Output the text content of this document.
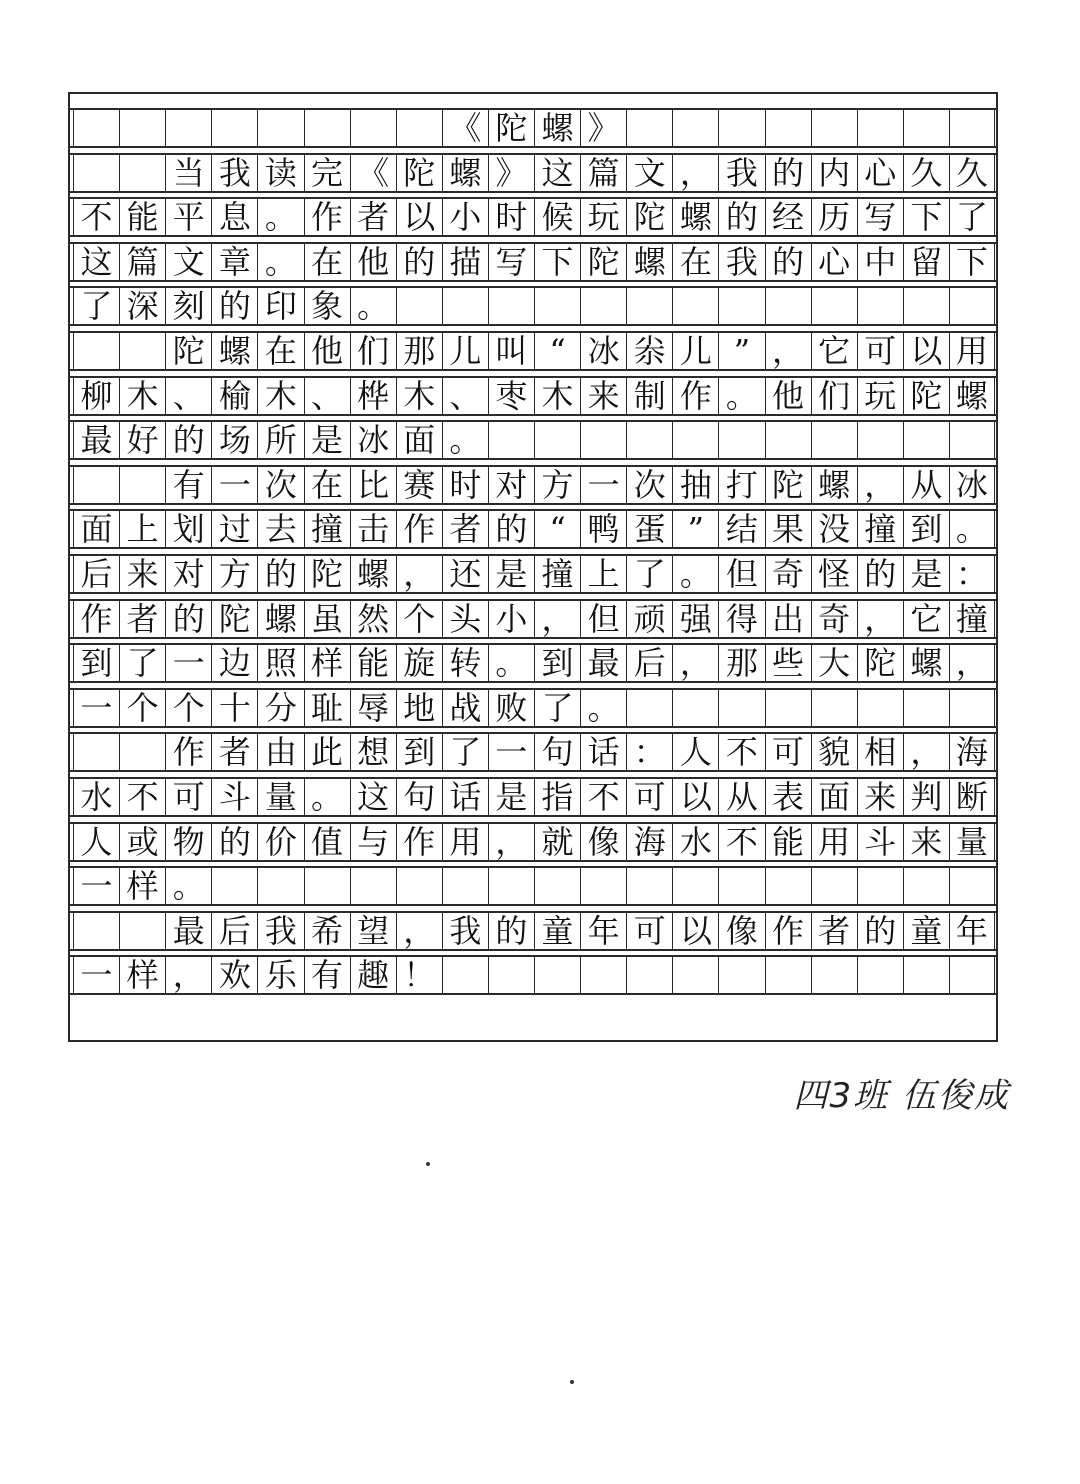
《 陀 螺 》
当 我 读 完 《 陀 螺 》 这 篇 文 ， 我 的 内 心 久 久
不 能 平 息 。 作 者 以 小 时 候 玩 陀 螺 的 经 历 写 下 了
这 篇 文 章 。 在 他 的 描 写 下 陀 螺 在 我 的 心 中 留 下
了 深 刻 的 印 象 。
陀 螺 在 他 们 那 儿 叫 “ 冰 尜 儿 ” ， 它 可 以 用
柳 木 、 榆 木 、 桦 木 、 枣 木 来 制 作 。 他 们 玩 陀 螺
最 好 的 场 所 是 冰 面 。
有 一 次 在 比 赛 时 对 方 一 次 抽 打 陀 螺 ， 从 冰
面 上 划 过 去 撞 击 作 者 的 “ 鸭 蛋 ” 结 果 没 撞 到 。
后 来 对 方 的 陀 螺 ， 还 是 撞 上 了 。 但 奇 怪 的 是 ：
作 者 的 陀 螺 虽 然 个 头 小 ， 但 顽 强 得 出 奇 ， 它 撞
到 了 一 边 照 样 能 旋 转 。 到 最 后 ， 那 些 大 陀 螺 ，
一 个 个 十 分 耻 辱 地 战 败 了 。
作 者 由 此 想 到 了 一 句 话 ： 人 不 可 貌 相 ， 海
水 不 可 斗 量 。 这 句 话 是 指 不 可 以 从 表 面 来 判 断
人 或 物 的 价 值 与 作 用 ， 就 像 海 水 不 能 用 斗 来 量
一 样 。
最 后 我 希 望 ， 我 的 童 年 可 以 像 作 者 的 童 年
一 样 ， 欢 乐 有 趣 ！
四3班 伍俊成
